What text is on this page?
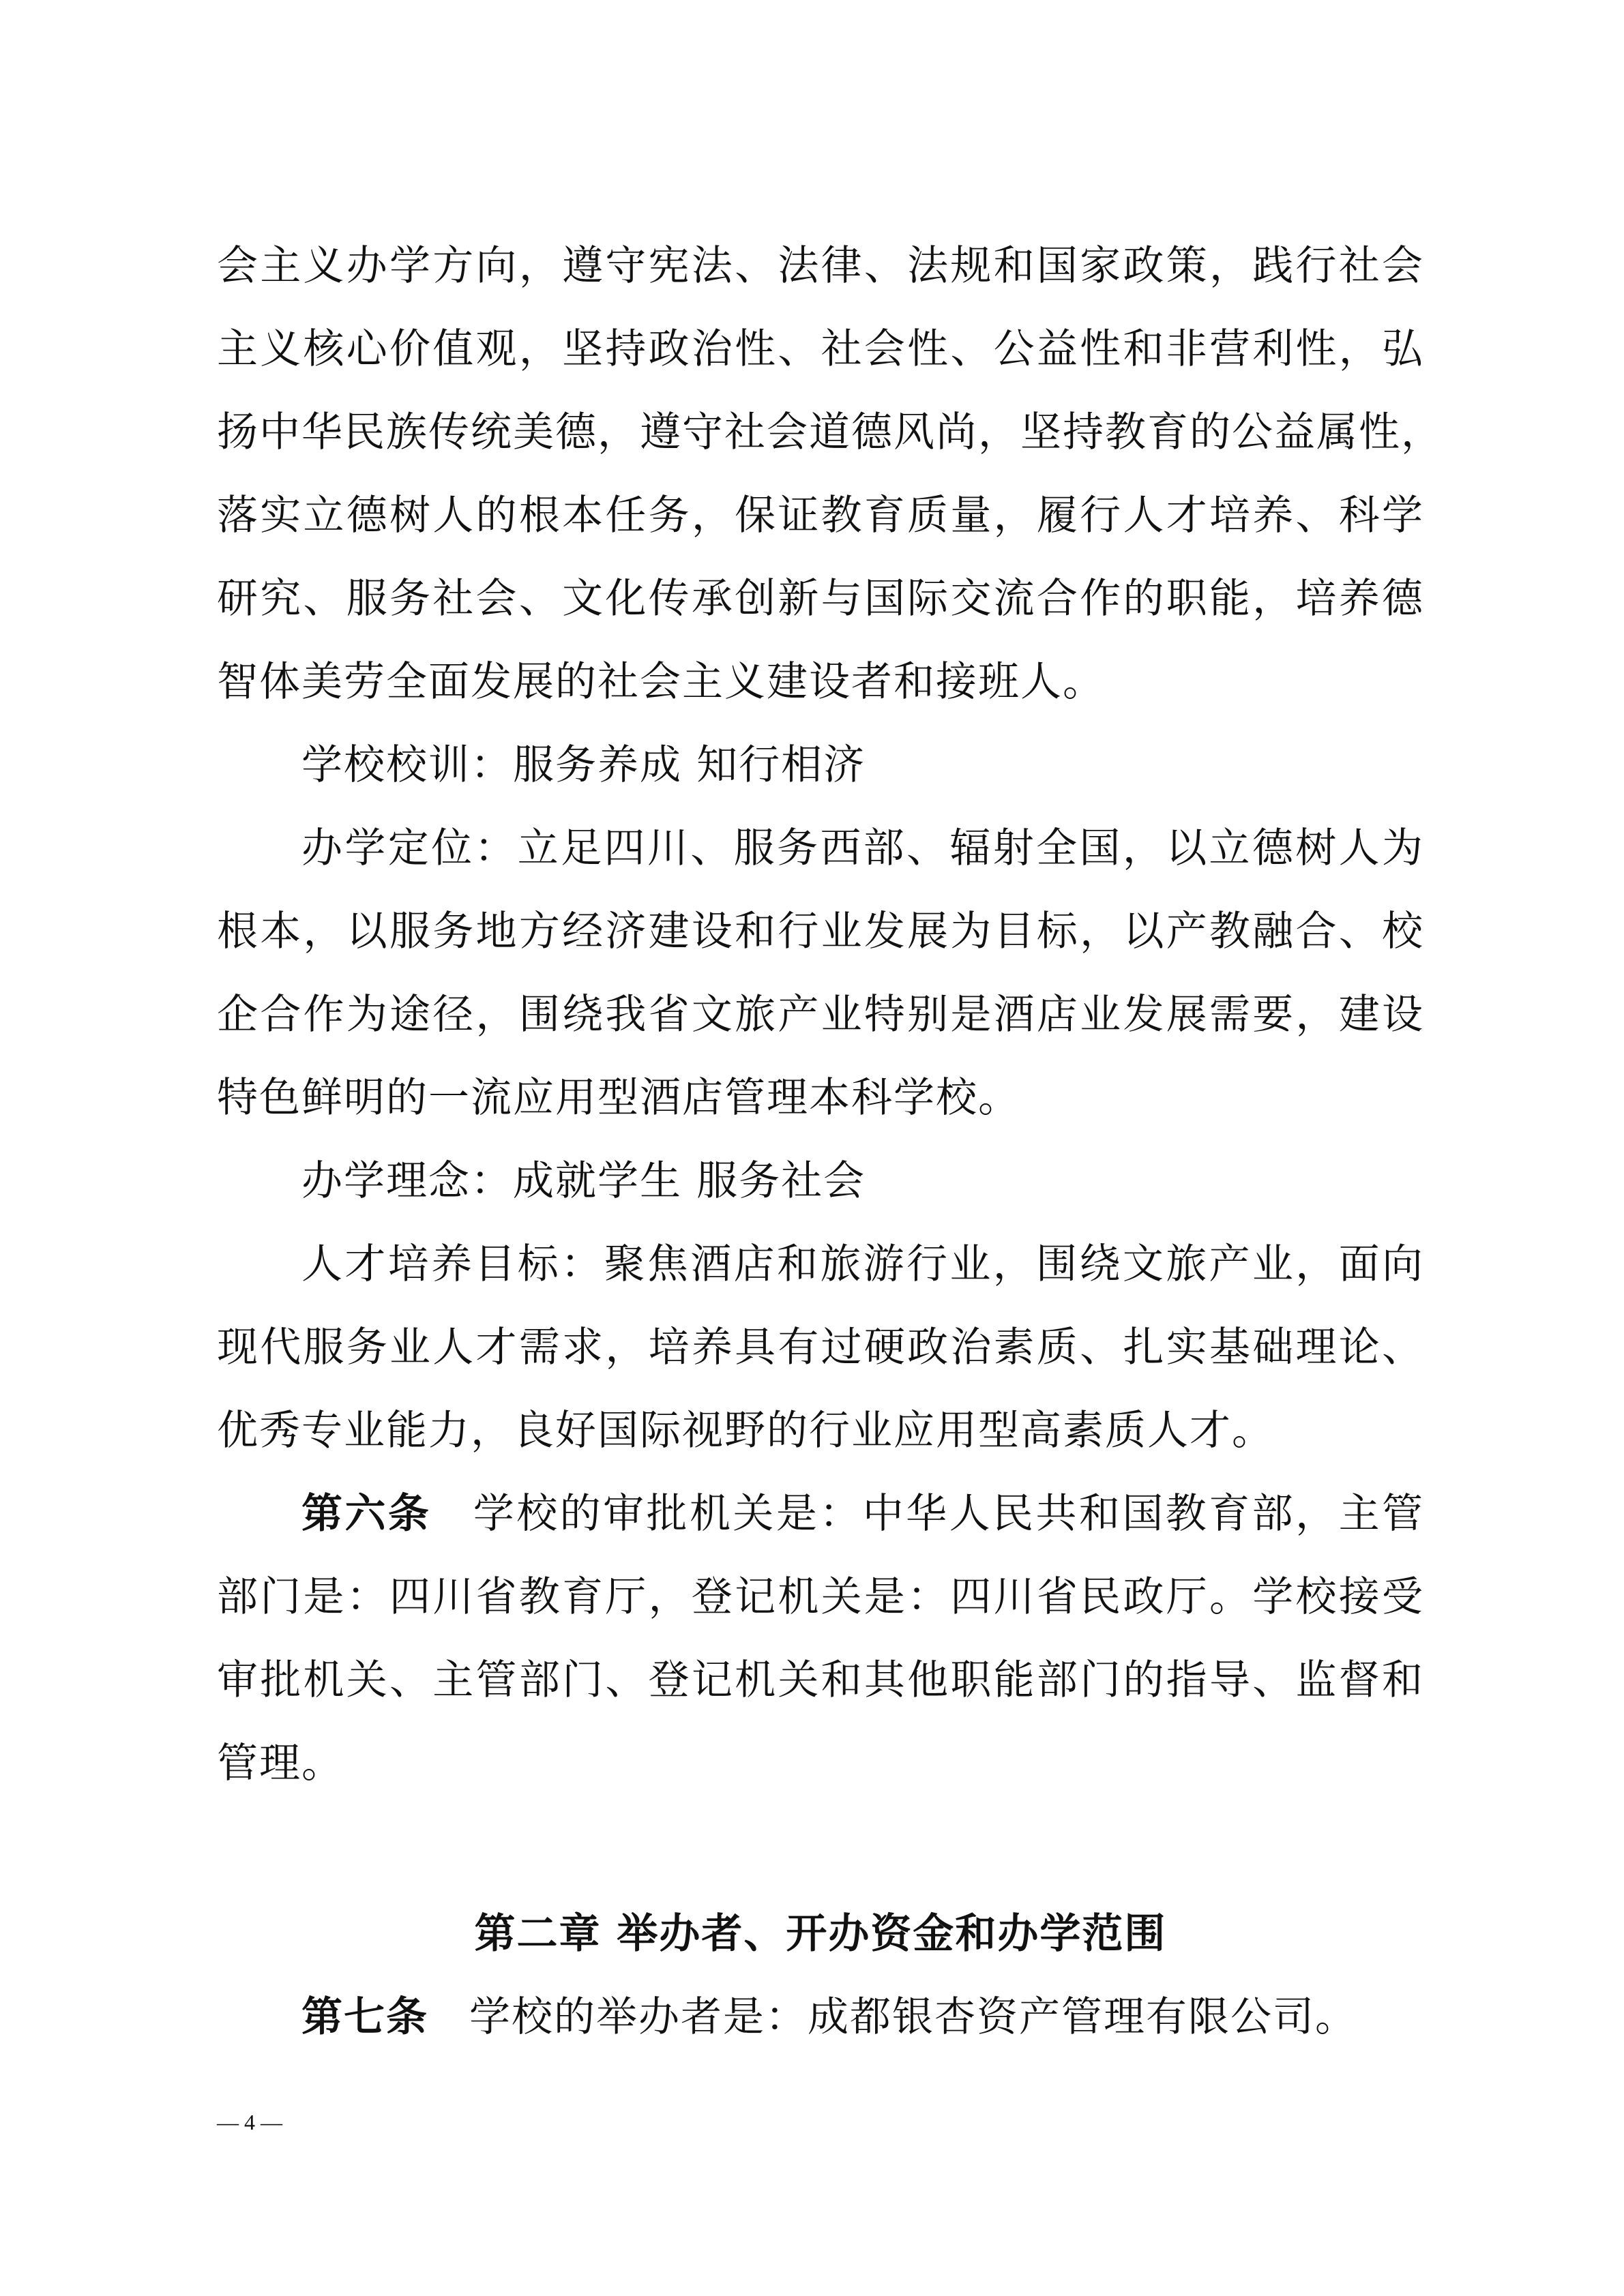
会主义办学方向，遵守宪法、法律、法规和国家政策，践行社会
主义核心价值观，坚持政治性、社会性、公益性和非营利性，弘
扬中华民族传统美德，遵守社会道德风尚，坚持教育的公益属性，
落实立德树人的根本任务，保证教育质量，履行人才培养、科学
研究、服务社会、文化传承创新与国际交流合作的职能，培养德
智体美劳全面发展的社会主义建设者和接班人。
学校校训：服务养成 知行相济
办学定位：立足四川、服务西部、辐射全国，以立德树人为
根本，以服务地方经济建设和行业发展为目标，以产教融合、校
企合作为途径，围绕我省文旅产业特别是酒店业发展需要，建设
特色鲜明的一流应用型酒店管理本科学校。
办学理念：成就学生 服务社会
人才培养目标：聚焦酒店和旅游行业，围绕文旅产业，面向
现代服务业人才需求，培养具有过硬政治素质、扎实基础理论、
优秀专业能力，良好国际视野的行业应用型高素质人才。
第六条 学校的审批机关是：中华人民共和国教育部，主管
部门是：四川省教育厅，登记机关是：四川省民政厅。学校接受
审批机关、主管部门、登记机关和其他职能部门的指导、监督和
管理。
第二章 举办者、开办资金和办学范围
第七条 学校的举办者是：成都银杏资产管理有限公司。
— 4 —
